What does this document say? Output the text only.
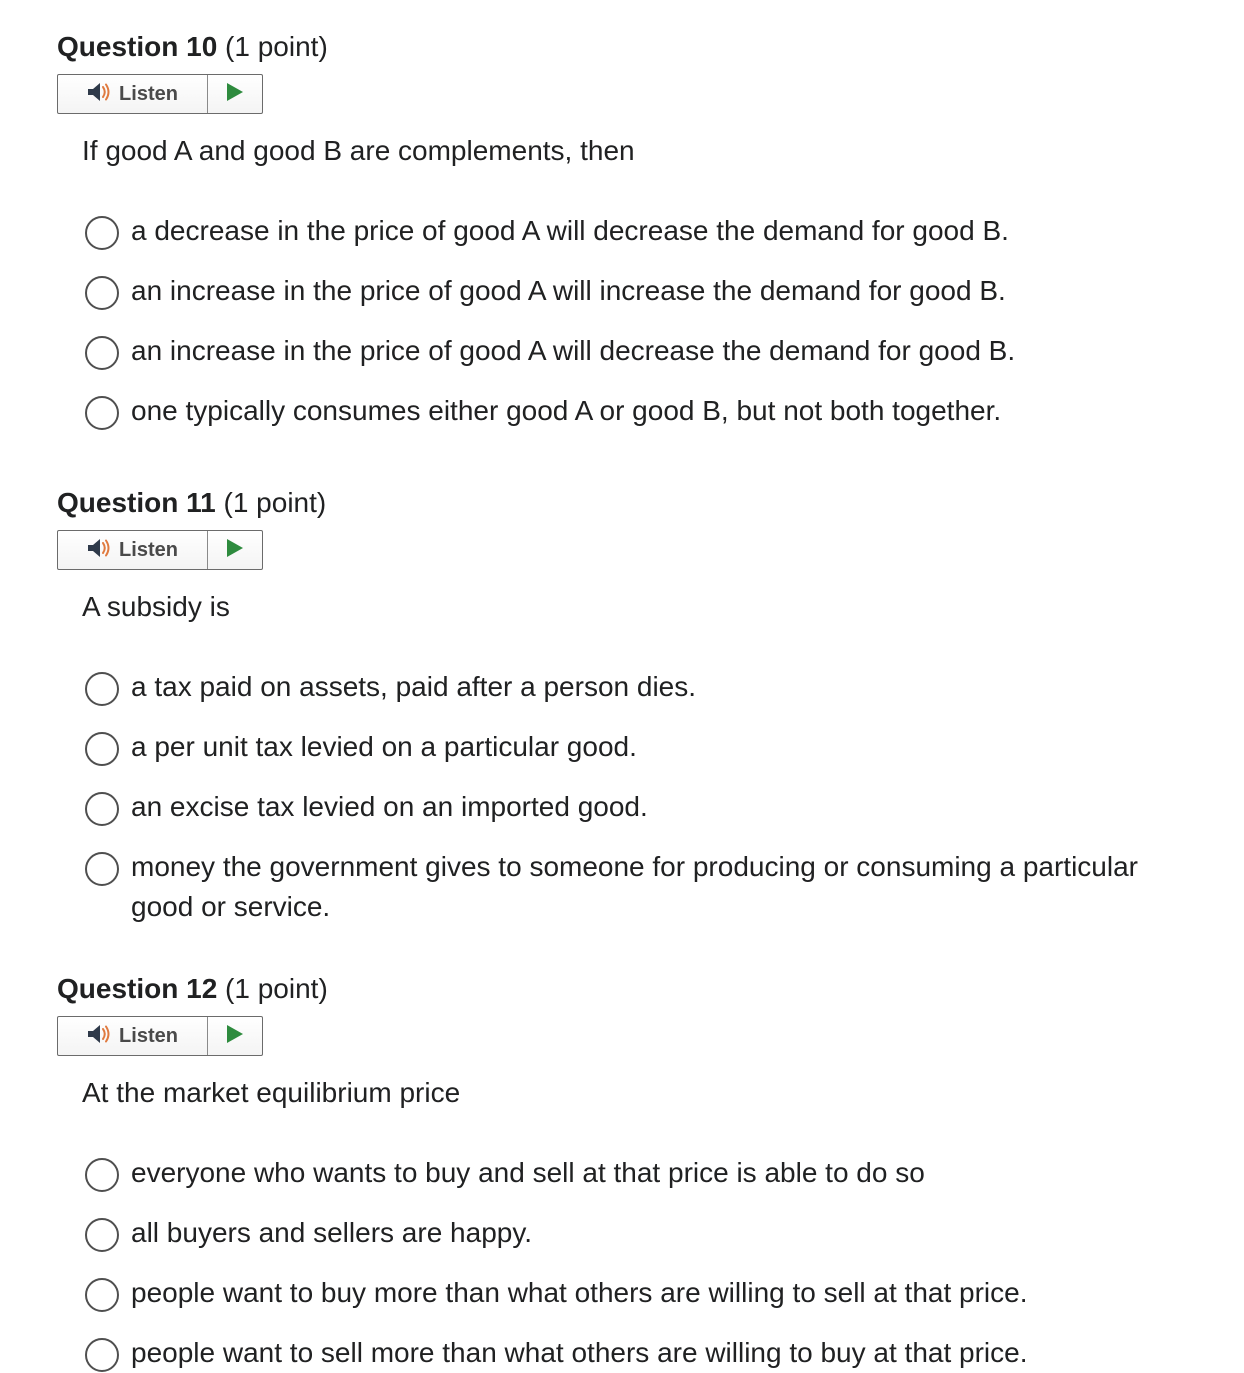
Question 10 (1 point)
Listen
If good A and good B are complements, then
a decrease in the price of good A will decrease the demand for good B.
an increase in the price of good A will increase the demand for good B.
an increase in the price of good A will decrease the demand for good B.
one typically consumes either good A or good B, but not both together.
Question 11 (1 point)
Listen
A subsidy is
a tax paid on assets, paid after a person dies.
a per unit tax levied on a particular good.
an excise tax levied on an imported good.
money the government gives to someone for producing or consuming a particular good or service.
Question 12 (1 point)
Listen
At the market equilibrium price
everyone who wants to buy and sell at that price is able to do so
all buyers and sellers are happy.
people want to buy more than what others are willing to sell at that price.
people want to sell more than what others are willing to buy at that price.
